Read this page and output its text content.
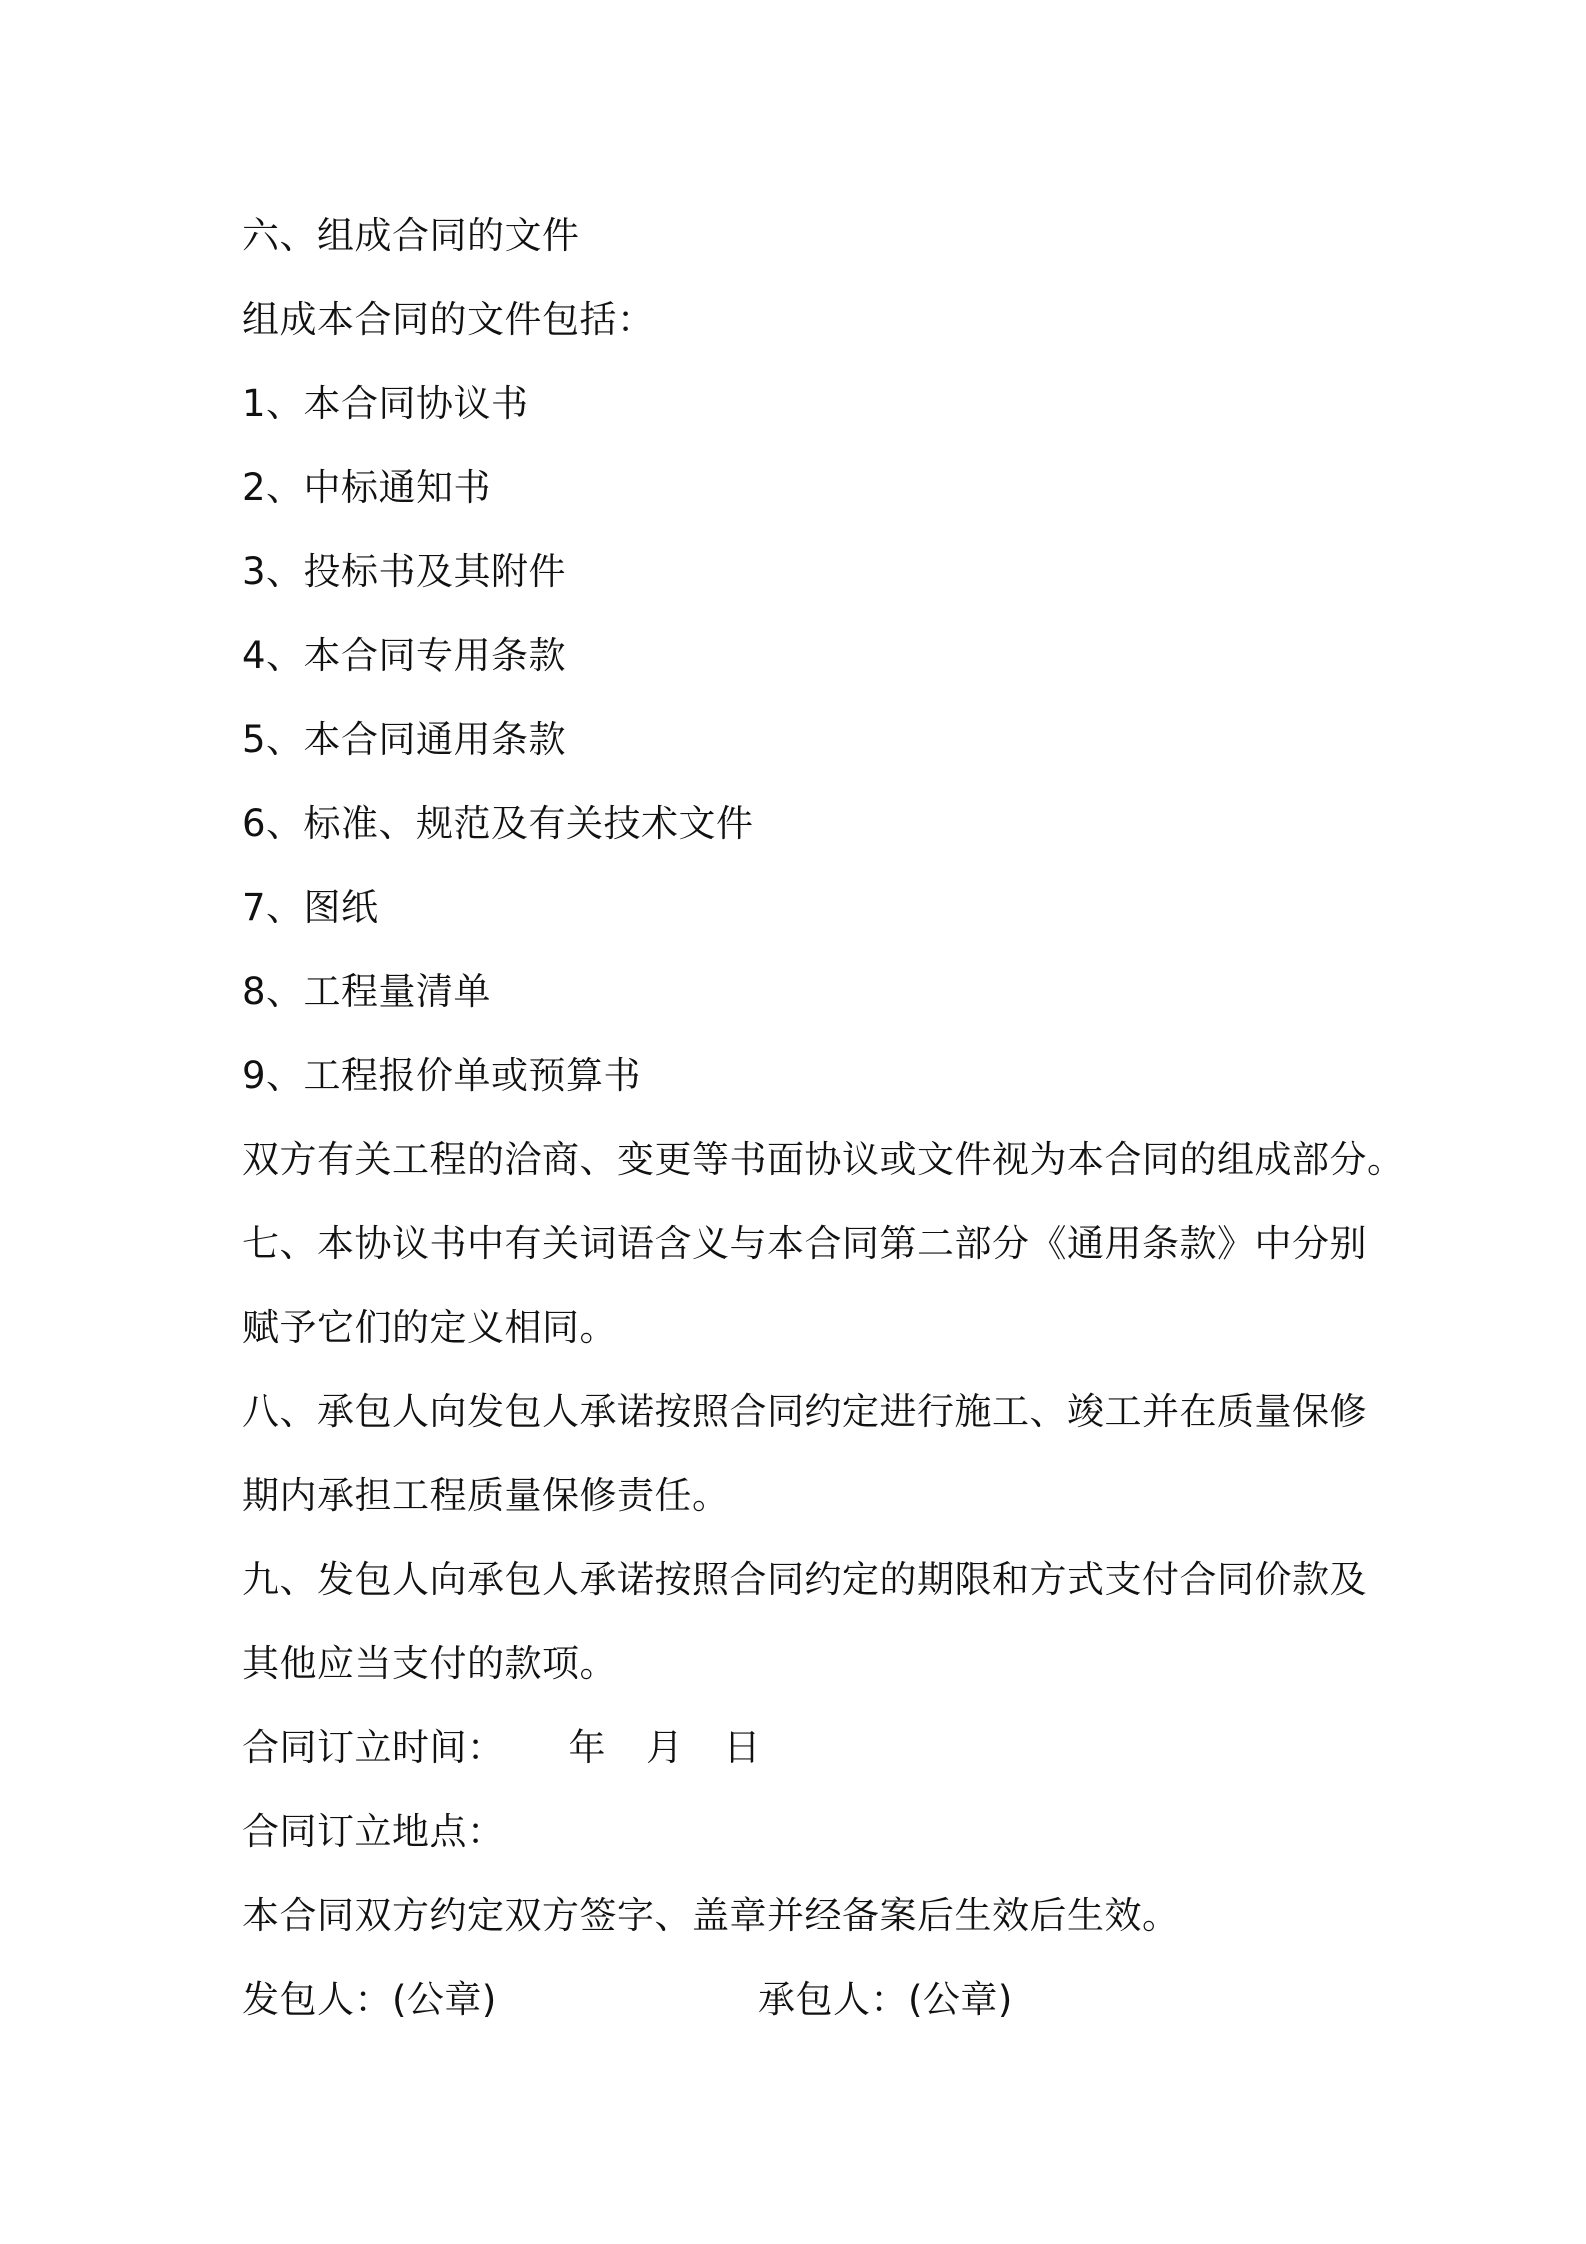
六、组成合同的文件
组成本合同的文件包括：
1、本合同协议书
2、中标通知书
3、投标书及其附件
4、本合同专用条款
5、本合同通用条款
6、标准、规范及有关技术文件
7、图纸
8、工程量清单
9、工程报价单或预算书
双方有关工程的洽商、变更等书面协议或文件视为本合同的组成部分。
七、本协议书中有关词语含义与本合同第二部分《通用条款》中分别
赋予它们的定义相同。
八、承包人向发包人承诺按照合同约定进行施工、竣工并在质量保修
期内承担工程质量保修责任。
九、发包人向承包人承诺按照合同约定的期限和方式支付合同价款及
其他应当支付的款项。
合同订立时间： 年 月 日
合同订立地点：
本合同双方约定双方签字、盖章并经备案后生效后生效。
发包人：(公章)	承包人：(公章)
